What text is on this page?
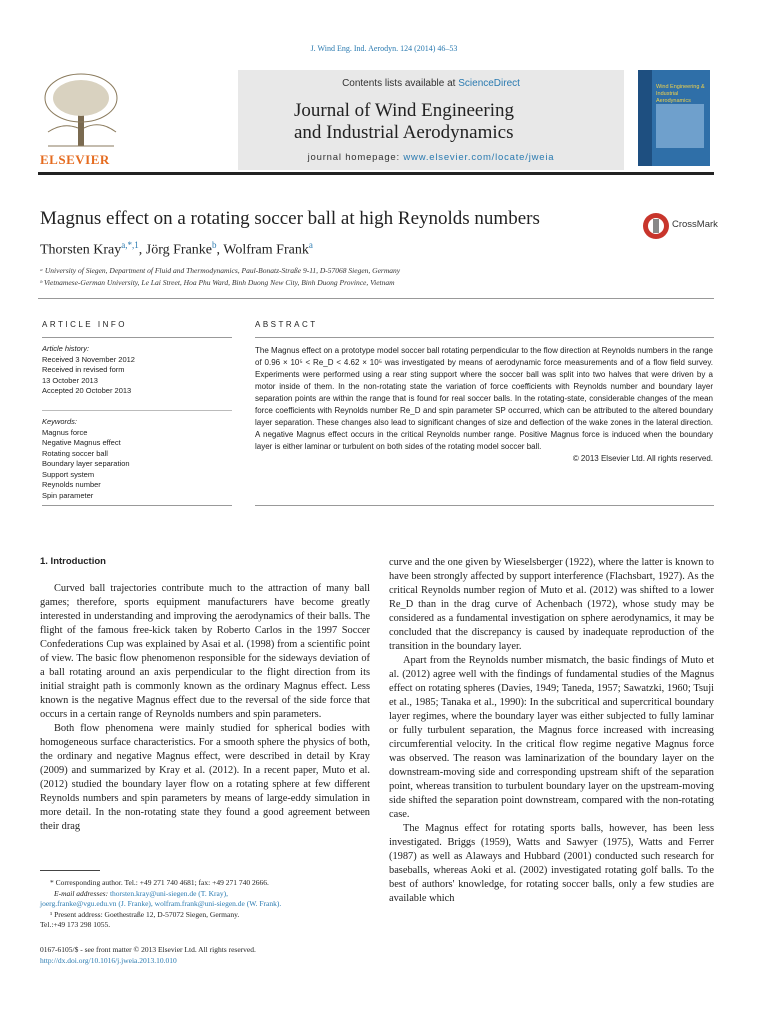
J. Wind Eng. Ind. Aerodyn. 124 (2014) 46–53
ELSEVIER
Contents lists available at ScienceDirect
Journal of Wind Engineering
and Industrial Aerodynamics
journal homepage: www.elsevier.com/locate/jweia
Wind Engineering &
Industrial Aerodynamics
Magnus effect on a rotating soccer ball at high Reynolds numbers
Thorsten Kray$^{a,*,1}$, Jörg Franke$^b$, Wolfram Frank$^a$
CrossMark
ᵃ University of Siegen, Department of Fluid and Thermodynamics, Paul-Bonatz-Straße 9-11, D-57068 Siegen, Germany
ᵇ Vietnamese-German University, Le Lai Street, Hoa Phu Ward, Binh Duong New City, Binh Duong Province, Vietnam
ARTICLE INFO
Article history:
Received 3 November 2012
Received in revised form
13 October 2013
Accepted 20 October 2013
Keywords:
Magnus force
Negative Magnus effect
Rotating soccer ball
Boundary layer separation
Support system
Reynolds number
Spin parameter
ABSTRACT
The Magnus effect on a prototype model soccer ball rotating perpendicular to the flow direction at Reynolds numbers in the range of 0.96 × 10⁵ < Re_D < 4.62 × 10⁵ was investigated by means of aerodynamic force measurements and of a flow field survey. Experiments were performed using a rear sting support where the soccer ball was split into two halves that were driven by a motor inside of them. In the non-rotating state the variation of force coefficients with Reynolds number and boundary layer separation points are within the range that is found for real soccer balls. In the rotating-state, considerable changes of the mean force coefficients with Reynolds number Re_D and spin parameter SP occurred, which can be attributed to the altered boundary layer separation. These changes also lead to significant changes of size and deflection of the wake zones in the lateral direction. A negative Magnus effect occurs in the critical Reynolds number range. Positive Magnus force is induced when the boundary layer is either laminar or turbulent on both sides of the rotating model soccer ball.
© 2013 Elsevier Ltd. All rights reserved.
1. Introduction

Curved ball trajectories contribute much to the attraction of many ball games; therefore, sports equipment manufacturers have become greatly interested in understanding and improving the aerodynamics of their balls. The flight of the famous free-kick taken by Roberto Carlos in the 1997 Soccer Confederations Cup was explained by Asai et al. (1998) from a scientific point of view. The basic flow phenomenon responsible for the sideways deviation of a ball rotating around an axis perpendicular to the flight direction from its initial straight path is commonly known as the ordinary Magnus effect. Less known is the negative Magnus effect due to the reversal of the side force that occurs in a certain range of Reynolds numbers and spin parameters.

Both flow phenomena were mainly studied for spherical bodies with homogeneous surface characteristics. For a smooth sphere the physics of both, the ordinary and negative Magnus effect, were described in detail by Kray (2009) and summarized by Kray et al. (2012). In a recent paper, Muto et al. (2012) studied the boundary layer flow on a rotating sphere at few different Reynolds numbers and spin parameters by means of large-eddy simulation in more detail. In the non-rotating state they found a good agreement between their drag

curve and the one given by Wieselsberger (1922), where the latter is known to have been strongly affected by support interference (Flachsbart, 1927). As the critical Reynolds number region of Muto et al. (2012) was shifted to a lower Re_D than in the drag curve of Achenbach (1972), whose study may be considered as a fundamental investigation on sphere aerodynamics, it may be concluded that the discrepancy is caused by inadequate reproduction of the transition in the boundary layer.

Apart from the Reynolds number mismatch, the basic findings of Muto et al. (2012) agree well with the findings of fundamental studies of the Magnus effect on rotating spheres (Davies, 1949; Taneda, 1957; Sawatzki, 1960; Tsuji et al., 1985; Tanaka et al., 1990): In the subcritical and supercritical boundary layer regimes, where the boundary layer was either subjected to fully laminar or fully turbulent separation, the Magnus force increased with increasing circumferential velocity. In the critical flow regime negative Magnus force was observed. The reason was laminarization of the boundary layer on the downstream-moving side and corresponding upstream shift of the separation point, whereas transition to turbulent boundary layer on the upstream-moving side shifted the separation point downstream, compared with the non-rotating case.

The Magnus effect for rotating sports balls, however, has been less investigated. Briggs (1959), Watts and Sawyer (1975), Watts and Ferrer (1987) as well as Alaways and Hubbard (2001) conducted such research for baseballs, whereas Aoki et al. (2002) investigated rotating golf balls. To the best of authors' knowledge, for rotating soccer balls, only a few studies are available which

* Corresponding author. Tel.: +49 271 740 4681; fax: +49 271 740 2666.
E-mail addresses: thorsten.kray@uni-siegen.de (T. Kray),
joerg.franke@vgu.edu.vn (J. Franke), wolfram.frank@uni-siegen.de (W. Frank).
¹ Present address: Goethestraße 12, D-57072 Siegen, Germany.
Tel.:+49 173 298 1055.
0167-6105/$ - see front matter © 2013 Elsevier Ltd. All rights reserved.
http://dx.doi.org/10.1016/j.jweia.2013.10.010
